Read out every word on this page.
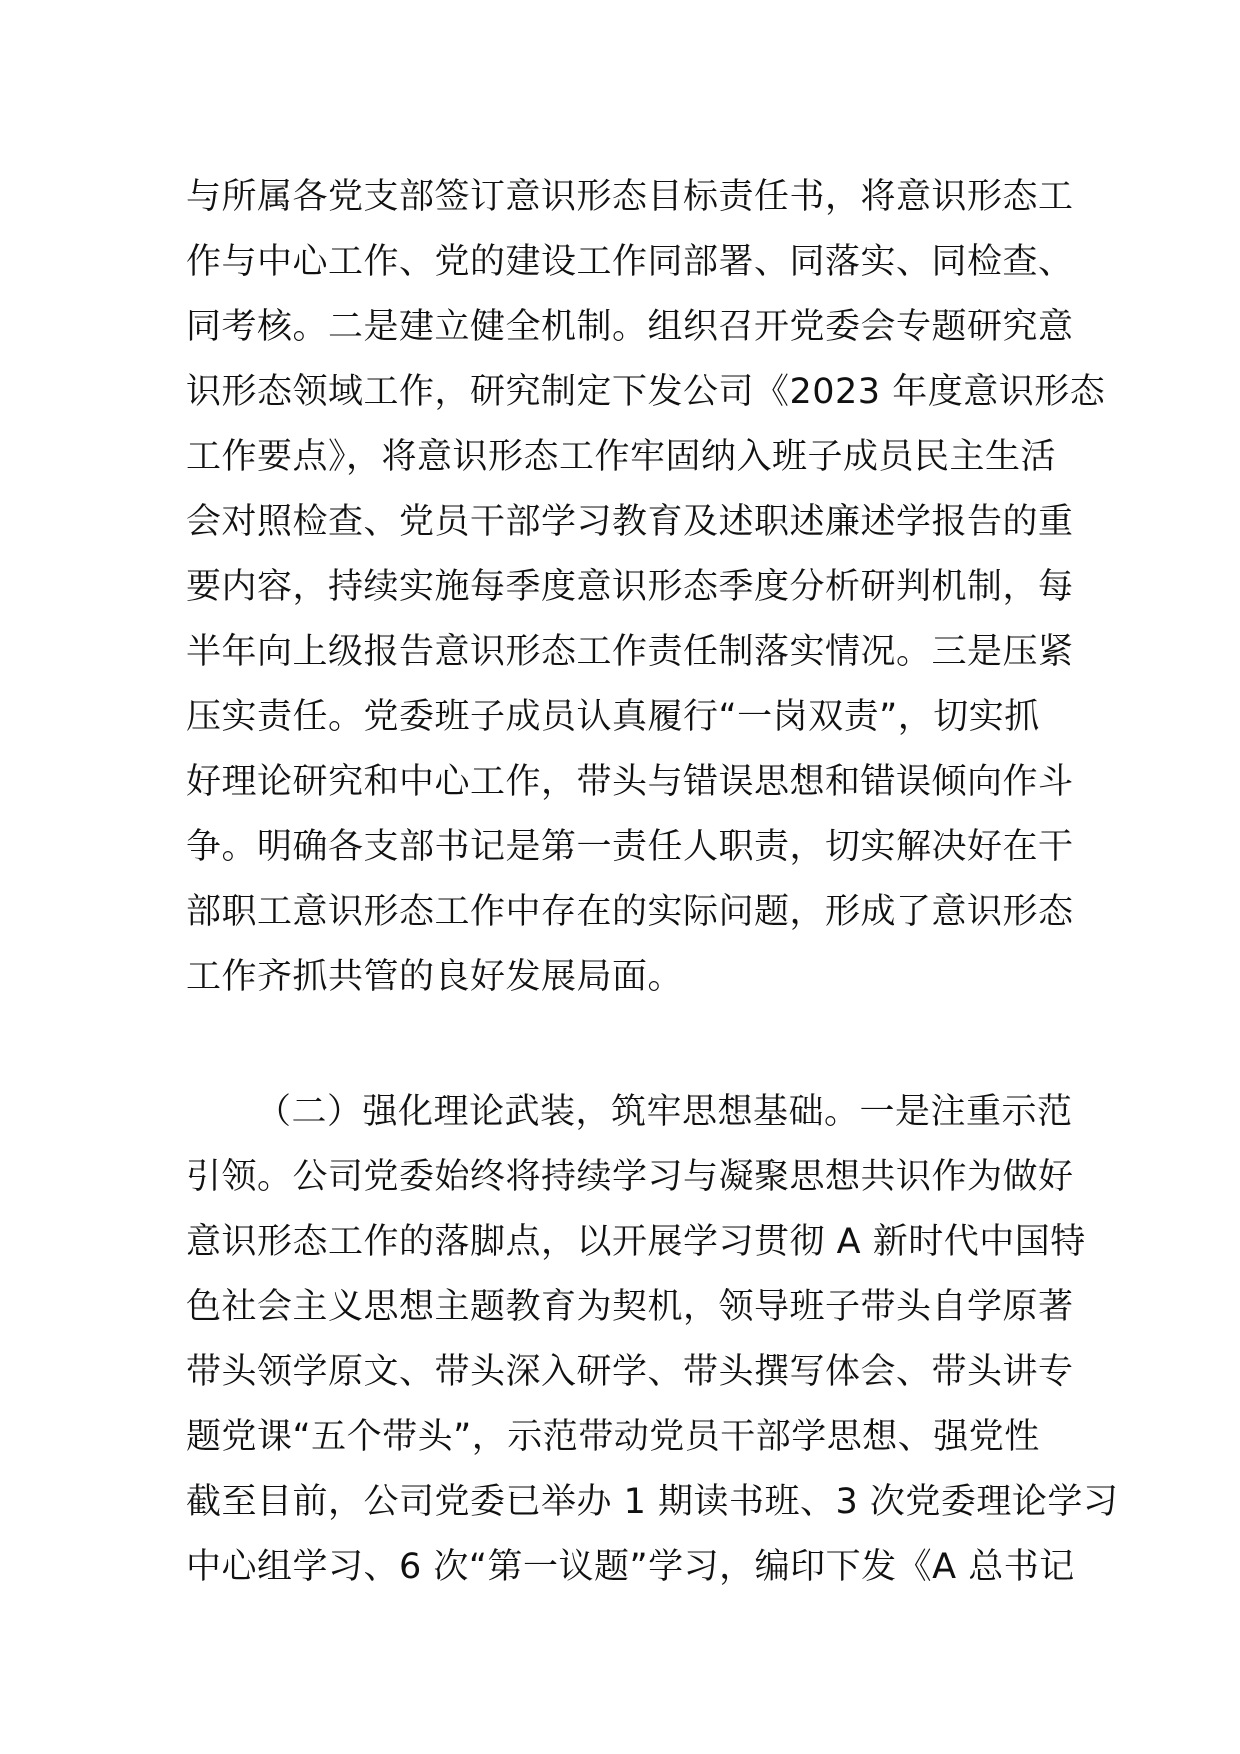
与所属各党支部签订意识形态目标责任书，将意识形态工
作与中心工作、党的建设工作同部署、同落实、同检查、
同考核。二是建立健全机制。组织召开党委会专题研究意
识形态领域工作，研究制定下发公司《2023 年度意识形态
工作要点》，将意识形态工作牢固纳入班子成员民主生活
会对照检查、党员干部学习教育及述职述廉述学报告的重
要内容，持续实施每季度意识形态季度分析研判机制，每
半年向上级报告意识形态工作责任制落实情况。三是压紧
压实责任。党委班子成员认真履行“一岗双责”，切实抓
好理论研究和中心工作，带头与错误思想和错误倾向作斗
争。明确各支部书记是第一责任人职责，切实解决好在干
部职工意识形态工作中存在的实际问题，形成了意识形态
工作齐抓共管的良好发展局面。
（二）强化理论武装，筑牢思想基础。一是注重示范
引领。公司党委始终将持续学习与凝聚思想共识作为做好
意识形态工作的落脚点，以开展学习贯彻 A 新时代中国特
色社会主义思想主题教育为契机，领导班子带头自学原著
带头领学原文、带头深入研学、带头撰写体会、带头讲专
题党课“五个带头”，示范带动党员干部学思想、强党性
截至目前，公司党委已举办 1 期读书班、3 次党委理论学习
中心组学习、6 次“第一议题”学习，编印下发《A 总书记
